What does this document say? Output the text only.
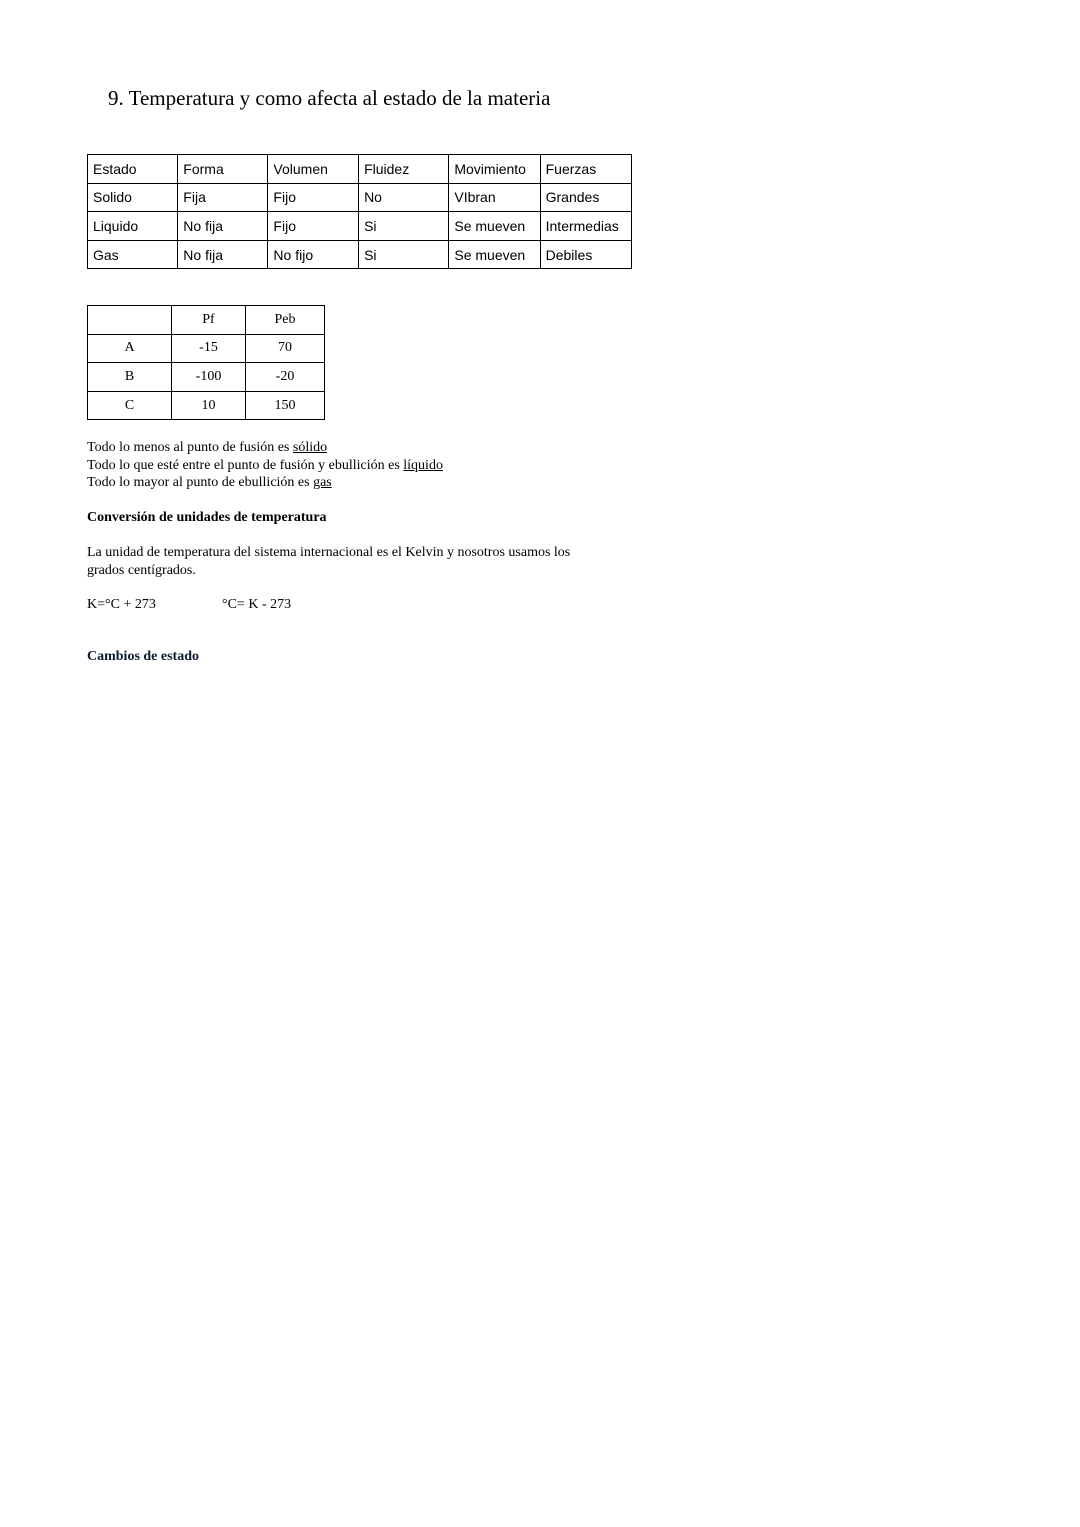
9. Temperatura y como afecta al estado de la materia
Estado	Forma	Volumen	Fluidez	Movimiento	Fuerzas
Solido	Fija	Fijo	No	VIbran	Grandes
Liquido	No fija	Fijo	Si	Se mueven	Intermedias
Gas	No fija	No fijo	Si	Se mueven	Debiles
	Pf	Peb
A	-15	70
B	-100	-20
C	10	150
Todo lo menos al punto de fusión es sólido
Todo lo que esté entre el punto de fusión y ebullición es líquido
Todo lo mayor al punto de ebullición es gas
Conversión de unidades de temperatura
La unidad de temperatura del sistema internacional es el Kelvin y nosotros usamos los grados centígrados.
K=°C + 273	°C= K - 273
Cambios de estado
